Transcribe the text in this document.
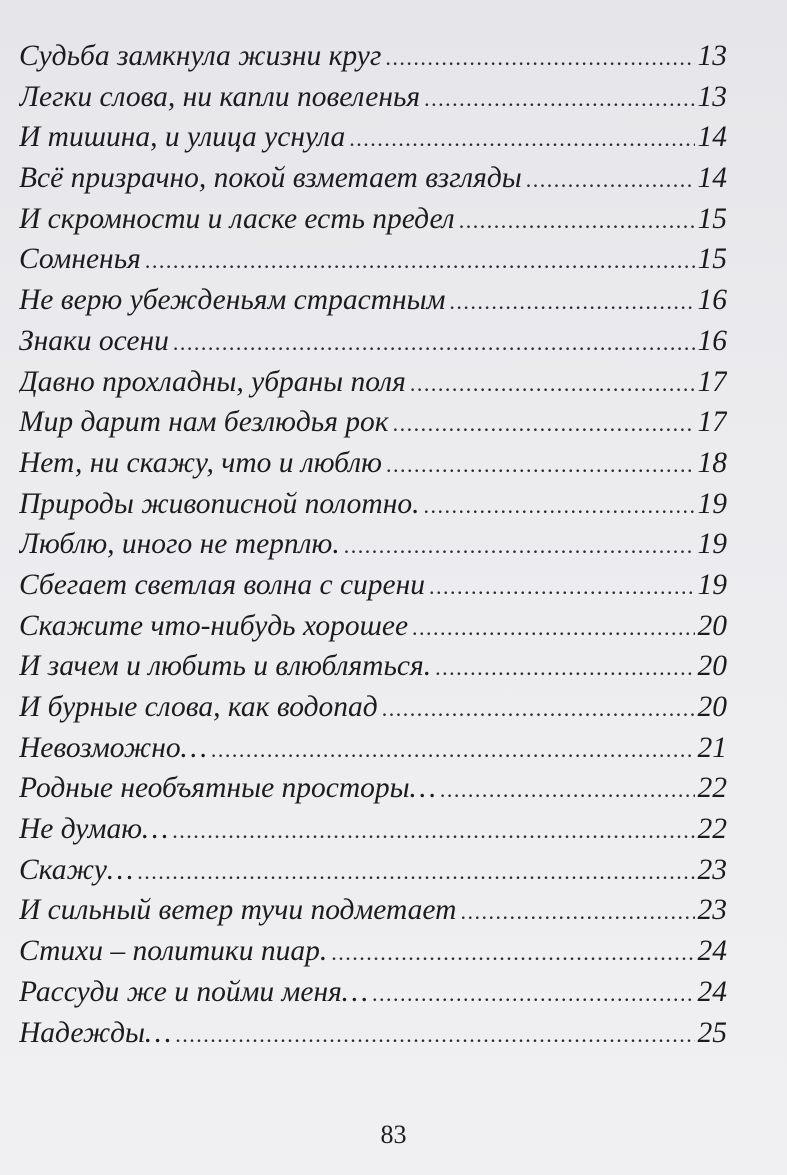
Судьба замкнула жизни круг .....	13
Легки слова, ни капли повеленья .....	13
И тишина, и улица уснула .....	14
Всё призрачно, покой взметает взгляды .....	14
И скромности и ласке есть предел .....	15
Сомненья .....	15
Не верю убежденьям страстным .....	16
Знаки осени .....	16
Давно прохладны, убраны поля .....	17
Мир дарит нам безлюдья рок .....	17
Нет, ни скажу, что и люблю .....	18
Природы живописной полотно. .....	19
Люблю, иного не терплю. .....	19
Сбегает светлая волна с сирени .....	19
Скажите что-нибудь хорошее .....	20
И зачем и любить и влюбляться. .....	20
И бурные слова, как водопад .....	20
Невозможно… .....	21
Родные необъятные просторы… .....	22
Не думаю… .....	22
Скажу… .....	23
И сильный ветер тучи подметает .....	23
Стихи – политики пиар. .....	24
Рассуди же и пойми меня… .....	24
Надежды… .....	25
83
